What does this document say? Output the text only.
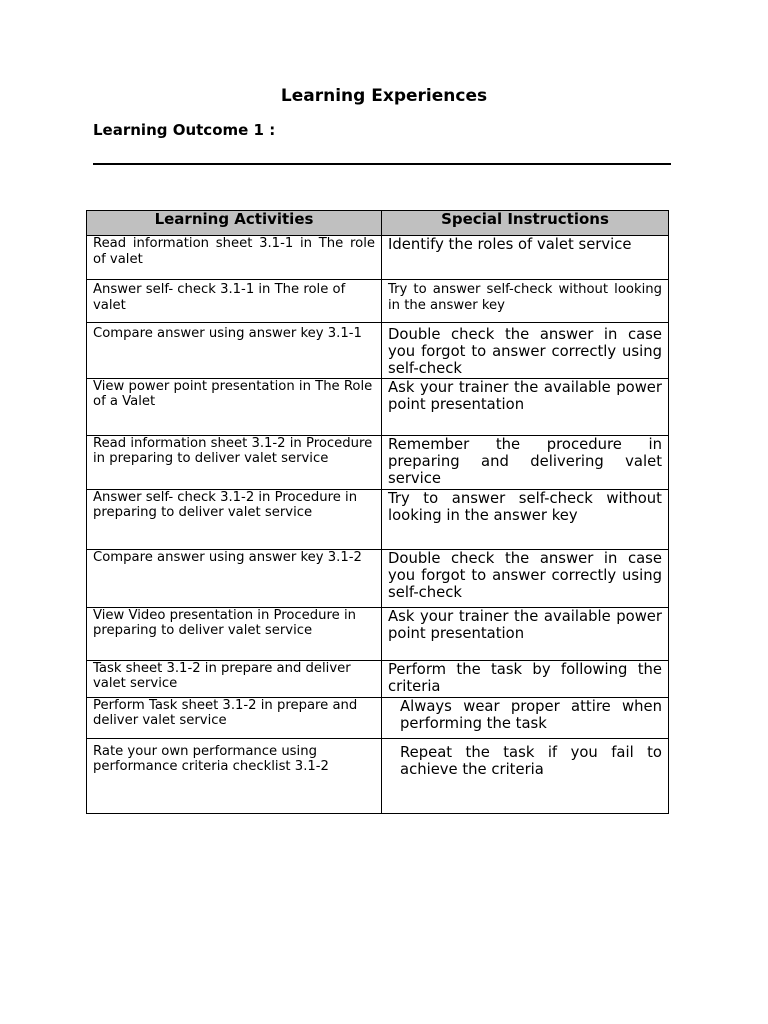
Learning Experiences
Learning Outcome 1 :
Learning Activities	Special Instructions
Read information sheet 3.1-1 in The role of valet	Identify the roles of valet service
Answer self- check 3.1-1 in The role of valet	Try to answer self-check without looking in the answer key
Compare answer using answer key 3.1-1	Double check the answer in case you forgot to answer correctly using self-check
View power point presentation in The Role of a Valet	Ask your trainer the available power point presentation
Read information sheet 3.1-2 in Procedure in preparing to deliver valet service	Remember the procedure in preparing and delivering valet service
Answer self- check 3.1-2 in Procedure in preparing to deliver valet service	Try to answer self-check without looking in the answer key
Compare answer using answer key 3.1-2	Double check the answer in case you forgot to answer correctly using self-check
View Video presentation in Procedure in preparing to deliver valet service	Ask your trainer the available power point presentation
Task sheet 3.1-2 in prepare and deliver valet service	Perform the task by following the criteria
Perform Task sheet 3.1-2 in prepare and deliver valet service	Always wear proper attire when performing the task
Rate your own performance using performance criteria checklist 3.1-2	Repeat the task if you fail to achieve the criteria
